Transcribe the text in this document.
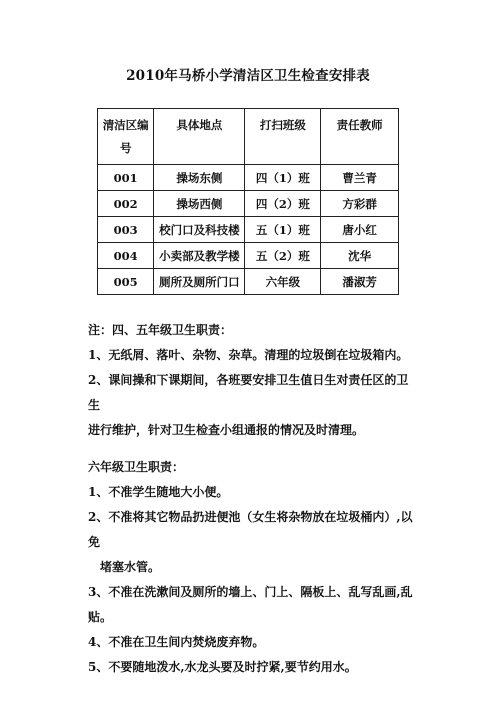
2010年马桥小学清洁区卫生检查安排表
清洁区编号	具体地点	打扫班级	责任教师
001	操场东侧	四（1）班	曹兰青
002	操场西侧	四（2）班	方彩群
003	校门口及科技楼	五（1）班	唐小红
004	小卖部及教学楼	五（2）班	沈华
005	厕所及厕所门口	六年级	潘淑芳

注：四、五年级卫生职责：

1、无纸屑、落叶、杂物、杂草。清理的垃圾倒在垃圾箱内。

2、课间操和下课期间，各班要安排卫生值日生对责任区的卫生

进行维护，针对卫生检查小组通报的情况及时清理。

六年级卫生职责：

1、不准学生随地大小便。

2、不准将其它物品扔进便池（女生将杂物放在垃圾桶内）,以免

堵塞水管。

3、不准在洗漱间及厕所的墙上、门上、隔板上、乱写乱画,乱贴。

4、不准在卫生间内焚烧废弃物。

5、不要随地泼水,水龙头要及时拧紧,要节约用水。
